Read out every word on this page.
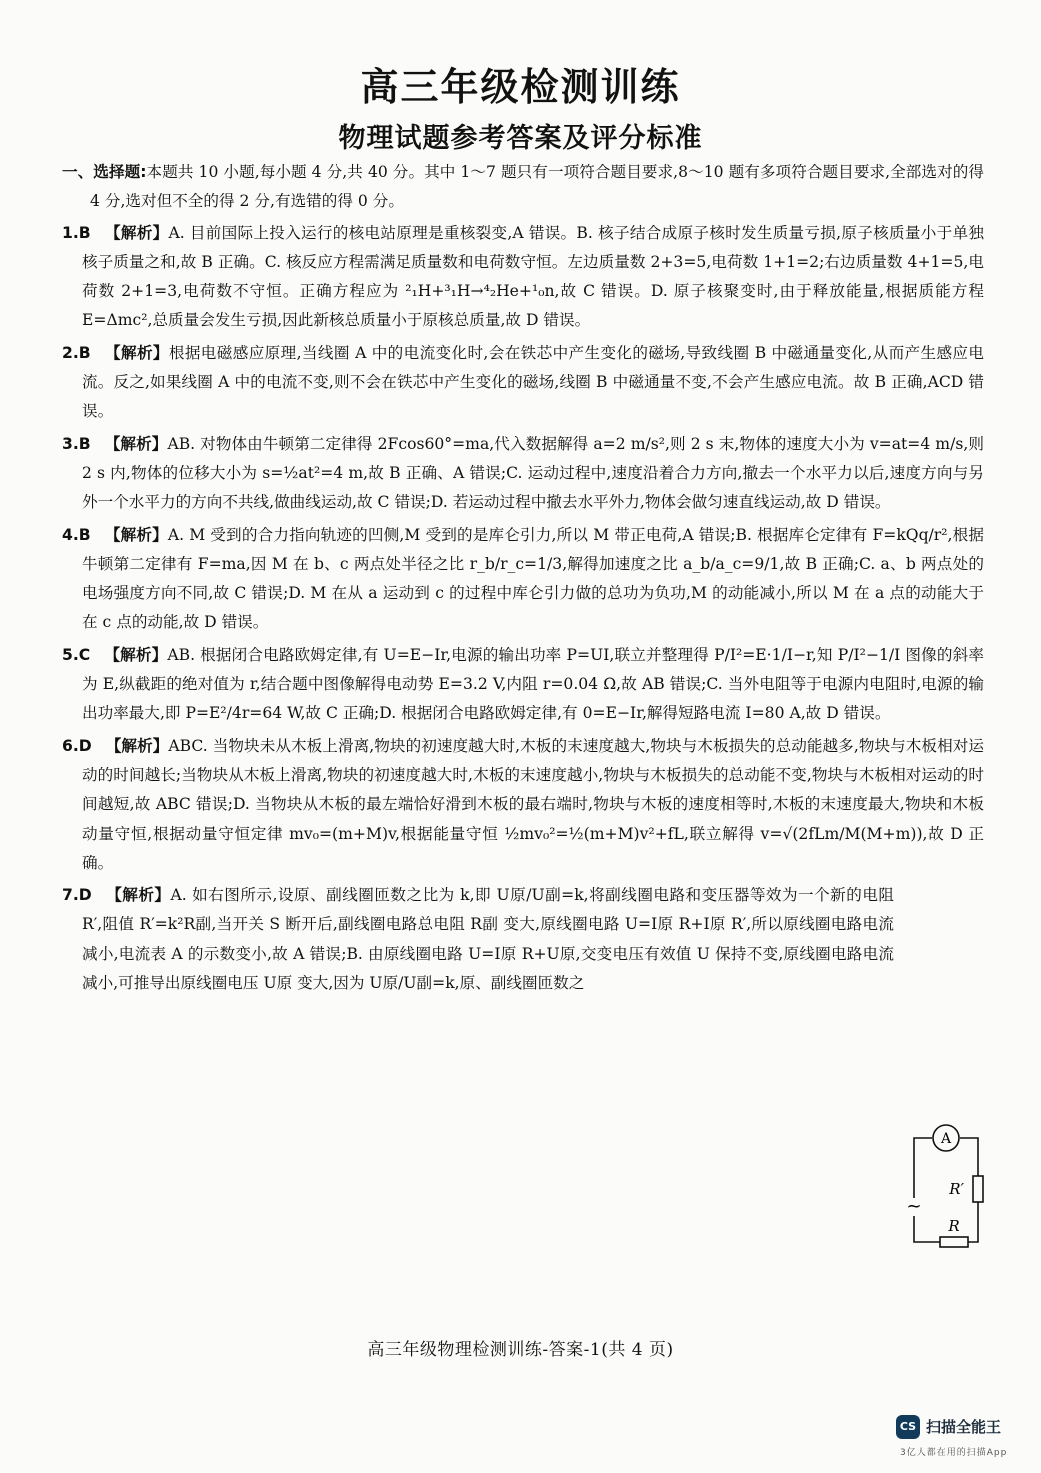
高三年级检测训练
物理试题参考答案及评分标准

一、选择题:本题共 10 小题,每小题 4 分,共 40 分。其中 1～7 题只有一项符合题目要求,8～10 题有多项符合题目要求,全部选对的得 4 分,选对但不全的得 2 分,有选错的得 0 分。

1.B 【解析】A. 目前国际上投入运行的核电站原理是重核裂变,A 错误。B. 核子结合成原子核时发生质量亏损,原子核质量小于单独核子质量之和,故 B 正确。C. 核反应方程需满足质量数和电荷数守恒。左边质量数 2+3=5,电荷数 1+1=2;右边质量数 4+1=5,电荷数 2+1=3,电荷数不守恒。正确方程应为 ²₁H+³₁H→⁴₂He+¹₀n,故 C 错误。D. 原子核聚变时,由于释放能量,根据质能方程 E=Δmc²,总质量会发生亏损,因此新核总质量小于原核总质量,故 D 错误。

2.B 【解析】根据电磁感应原理,当线圈 A 中的电流变化时,会在铁芯中产生变化的磁场,导致线圈 B 中磁通量变化,从而产生感应电流。反之,如果线圈 A 中的电流不变,则不会在铁芯中产生变化的磁场,线圈 B 中磁通量不变,不会产生感应电流。故 B 正确,ACD 错误。

3.B 【解析】AB. 对物体由牛顿第二定律得 2Fcos60°=ma,代入数据解得 a=2 m/s²,则 2 s 末,物体的速度大小为 v=at=4 m/s,则 2 s 内,物体的位移大小为 s=½at²=4 m,故 B 正确、A 错误;C. 运动过程中,速度沿着合力方向,撤去一个水平力以后,速度方向与另外一个水平力的方向不共线,做曲线运动,故 C 错误;D. 若运动过程中撤去水平外力,物体会做匀速直线运动,故 D 错误。

4.B 【解析】A. M 受到的合力指向轨迹的凹侧,M 受到的是库仑引力,所以 M 带正电荷,A 错误;B. 根据库仑定律有 F=kQq/r²,根据牛顿第二定律有 F=ma,因 M 在 b、c 两点处半径之比 r_b/r_c=1/3,解得加速度之比 a_b/a_c=9/1,故 B 正确;C. a、b 两点处的电场强度方向不同,故 C 错误;D. M 在从 a 运动到 c 的过程中库仑引力做的总功为负功,M 的动能减小,所以 M 在 a 点的动能大于在 c 点的动能,故 D 错误。

5.C 【解析】AB. 根据闭合电路欧姆定律,有 U=E−Ir,电源的输出功率 P=UI,联立并整理得 P/I²=E·1/I−r,知 P/I²−1/I 图像的斜率为 E,纵截距的绝对值为 r,结合题中图像解得电动势 E=3.2 V,内阻 r=0.04 Ω,故 AB 错误;C. 当外电阻等于电源内电阻时,电源的输出功率最大,即 P=E²/4r=64 W,故 C 正确;D. 根据闭合电路欧姆定律,有 0=E−Ir,解得短路电流 I=80 A,故 D 错误。

6.D 【解析】ABC. 当物块未从木板上滑离,物块的初速度越大时,木板的末速度越大,物块与木板损失的总动能越多,物块与木板相对运动的时间越长;当物块从木板上滑离,物块的初速度越大时,木板的末速度越小,物块与木板损失的总动能不变,物块与木板相对运动的时间越短,故 ABC 错误;D. 当物块从木板的最左端恰好滑到木板的最右端时,物块与木板的速度相等时,木板的末速度最大,物块和木板动量守恒,根据动量守恒定律 mv₀=(m+M)v,根据能量守恒 ½mv₀²=½(m+M)v²+fL,联立解得 v=√(2fLm/M(M+m)),故 D 正确。

7.D 【解析】A. 如右图所示,设原、副线圈匝数之比为 k,即 U原/U副=k,将副线圈电路和变压器等效为一个新的电阻 R′,阻值 R′=k²R副,当开关 S 断开后,副线圈电路总电阻 R副 变大,原线圈电路 U=I原 R+I原 R′,所以原线圈电路电流减小,电流表 A 的示数变小,故 A 错误;B. 由原线圈电路 U=I原 R+U原,交变电压有效值 U 保持不变,原线圈电路电流减小,可推导出原线圈电压 U原 变大,因为 U原/U副=k,原、副线圈匝数之

A
~
R′
R
高三年级物理检测训练-答案-1(共 4 页)
CS 扫描全能王
3亿人都在用的扫描App
